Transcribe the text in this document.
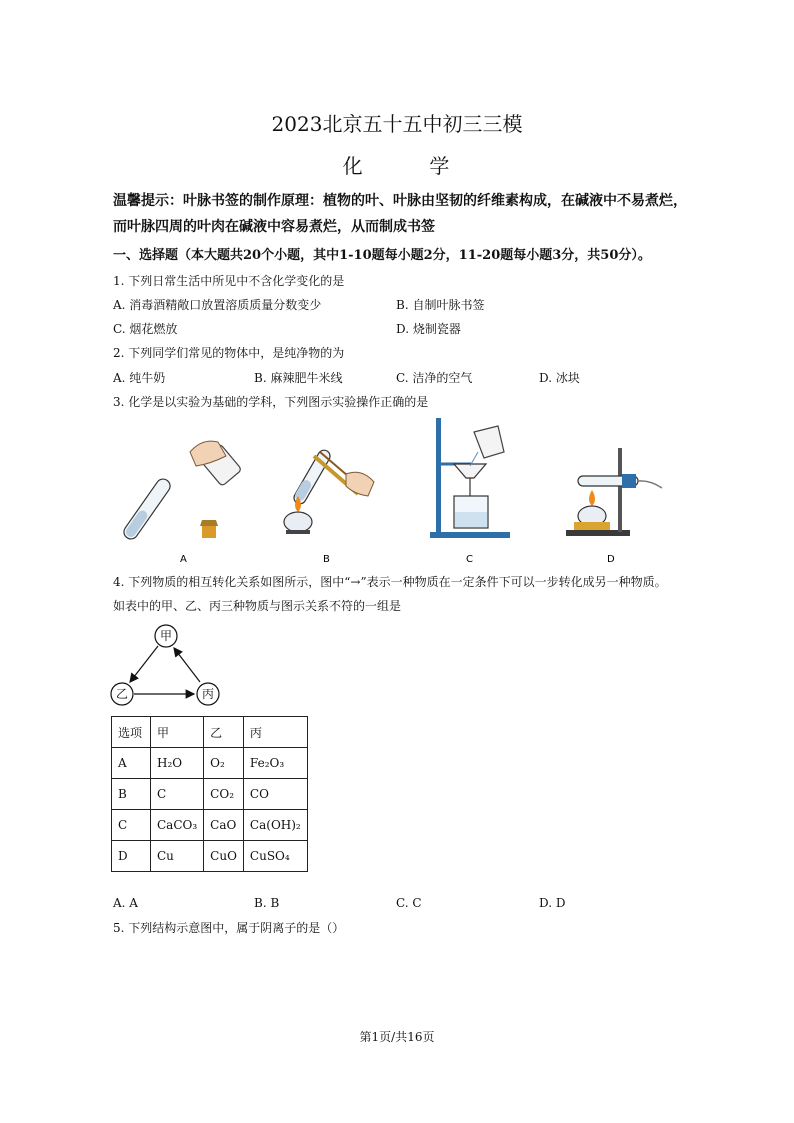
2023北京五十五中初三三模
化	学
温馨提示：叶脉书签的制作原理：植物的叶、叶脉由坚韧的纤维素构成，在碱液中不易煮烂，
而叶脉四周的叶肉在碱液中容易煮烂，从而制成书签
一、选择题（本大题共20个小题，其中1-10题每小题2分，11-20题每小题3分，共50分）。
1. 下列日常生活中所见中不含化学变化的是
A. 消毒酒精敞口放置溶质质量分数变少	B. 自制叶脉书签
C. 烟花燃放	D. 烧制瓷器
2. 下列同学们常见的物体中，是纯净物的为
A. 纯牛奶	B. 麻辣肥牛米线	C. 洁净的空气	D. 冰块
3. 化学是以实验为基础的学科，下列图示实验操作正确的是
A	B	C	D
4. 下列物质的相互转化关系如图所示，图中“→”表示一种物质在一定条件下可以一步转化成另一种物质。
如表中的甲、乙、丙三种物质与图示关系不符的一组是
甲
乙	丙
选项	甲	乙	丙
A	H₂O	O₂	Fe₂O₃
B	C	CO₂	CO
C	CaCO₃	CaO	Ca(OH)₂
D	Cu	CuO	CuSO₄
A. A	B. B	C. C	D. D
5. 下列结构示意图中，属于阴离子的是（）
第1页/共16页
